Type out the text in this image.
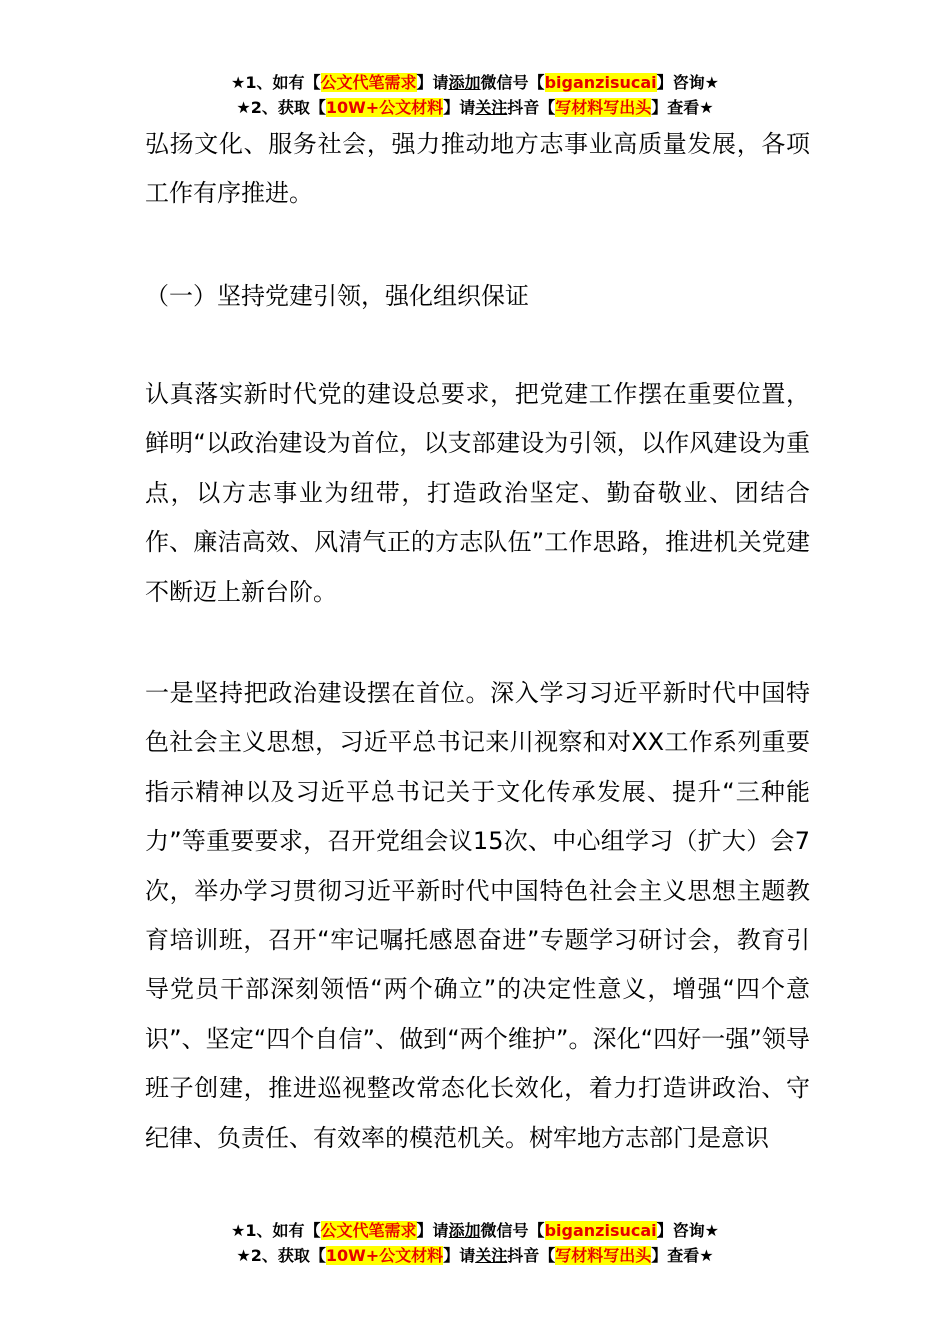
★1、如有【公文代笔需求】请添加微信号【biganzisucai】咨询★
★2、获取【10W+公文材料】请关注抖音【写材料写出头】查看★

弘扬文化、服务社会，强力推动地方志事业高质量发展，各项工作有序推进。

（一）坚持党建引领，强化组织保证

认真落实新时代党的建设总要求，把党建工作摆在重要位置，鲜明“以政治建设为首位，以支部建设为引领，以作风建设为重点，以方志事业为纽带，打造政治坚定、勤奋敬业、团结合作、廉洁高效、风清气正的方志队伍”工作思路，推进机关党建不断迈上新台阶。

一是坚持把政治建设摆在首位。深入学习习近平新时代中国特色社会主义思想，习近平总书记来川视察和对XX工作系列重要指示精神以及习近平总书记关于文化传承发展、提升“三种能力”等重要要求，召开党组会议15次、中心组学习（扩大）会7次，举办学习贯彻习近平新时代中国特色社会主义思想主题教育培训班，召开“牢记嘱托感恩奋进”专题学习研讨会，教育引导党员干部深刻领悟“两个确立”的决定性意义，增强“四个意识”、坚定“四个自信”、做到“两个维护”。深化“四好一强”领导班子创建，推进巡视整改常态化长效化，着力打造讲政治、守纪律、负责任、有效率的模范机关。树牢地方志部门是意识

★1、如有【公文代笔需求】请添加微信号【biganzisucai】咨询★
★2、获取【10W+公文材料】请关注抖音【写材料写出头】查看★
